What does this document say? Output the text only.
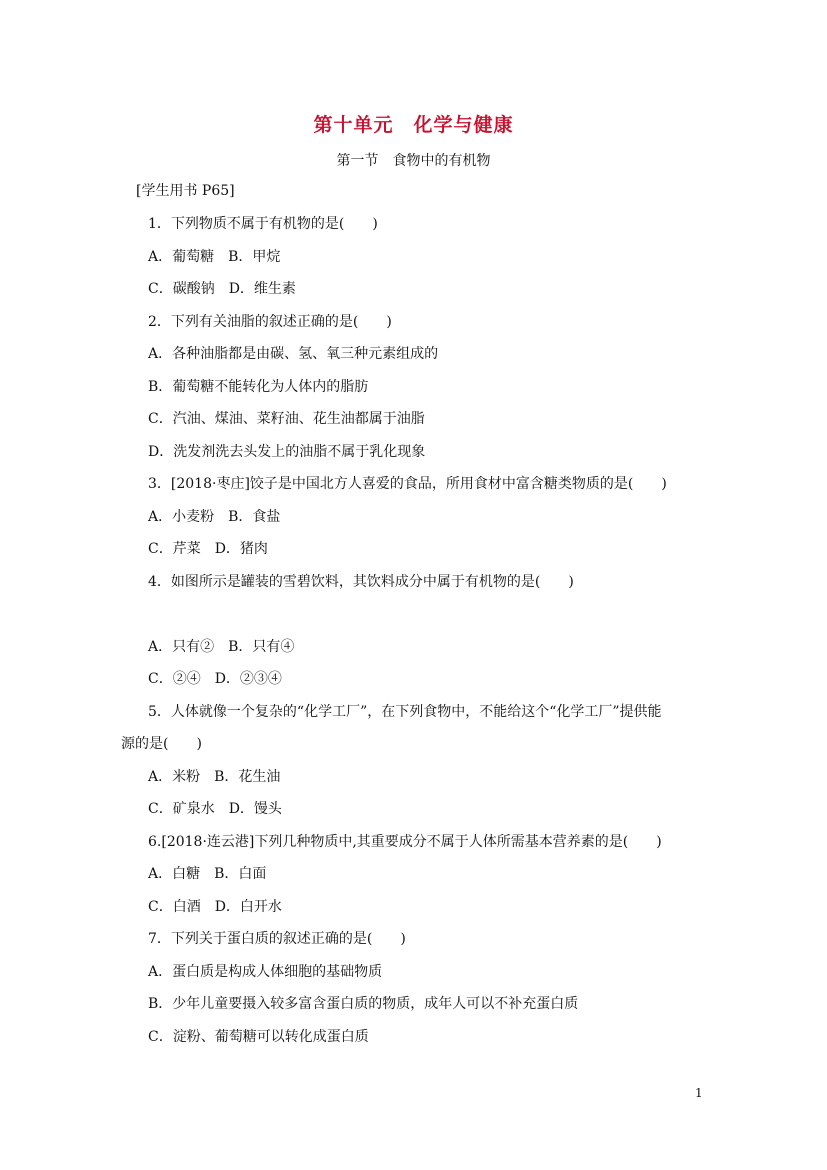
第十单元　化学与健康
第一节　食物中的有机物
[学生用书 P65]
1．下列物质不属于有机物的是(　　)
A．葡萄糖　B．甲烷
C．碳酸钠　D．维生素
2．下列有关油脂的叙述正确的是(　　)
A．各种油脂都是由碳、氢、氧三种元素组成的
B．葡萄糖不能转化为人体内的脂肪
C．汽油、煤油、菜籽油、花生油都属于油脂
D．洗发剂洗去头发上的油脂不属于乳化现象
3．[2018·枣庄]饺子是中国北方人喜爱的食品，所用食材中富含糖类物质的是(　　)
A．小麦粉　B．食盐
C．芹菜　D．猪肉
4．如图所示是罐装的雪碧饮料，其饮料成分中属于有机物的是(　　)
A．只有②　B．只有④
C．②④　D．②③④
5．人体就像一个复杂的“化学工厂”，在下列食物中，不能给这个“化学工厂”提供能
源的是(　　)
A．米粉　B．花生油
C．矿泉水　D．馒头
6.[2018·连云港]下列几种物质中,其重要成分不属于人体所需基本营养素的是(　　)
A．白糖　B．白面
C．白酒　D．白开水
7．下列关于蛋白质的叙述正确的是(　　)
A．蛋白质是构成人体细胞的基础物质
B．少年儿童要摄入较多富含蛋白质的物质，成年人可以不补充蛋白质
C．淀粉、葡萄糖可以转化成蛋白质
1
